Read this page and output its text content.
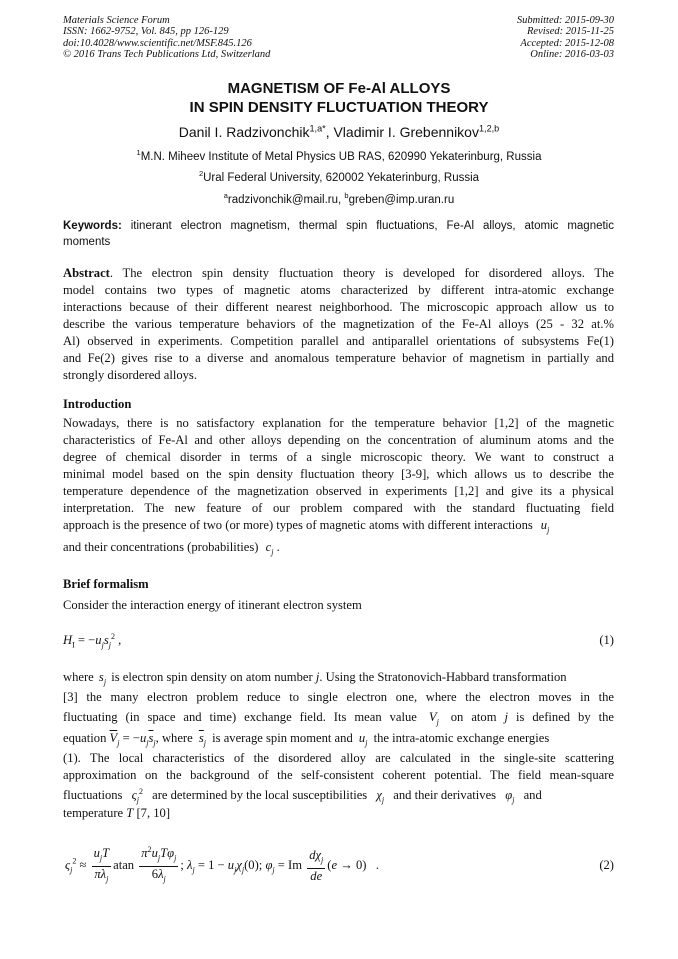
Materials Science Forum
ISSN: 1662-9752, Vol. 845, pp 126-129
doi:10.4028/www.scientific.net/MSF.845.126
© 2016 Trans Tech Publications Ltd, Switzerland
Submitted: 2015-09-30
Revised: 2015-11-25
Accepted: 2015-12-08
Online: 2016-03-03
MAGNETISM OF Fe-Al ALLOYS
IN SPIN DENSITY FLUCTUATION THEORY
Danil I. Radzivonchik$^{1,a*}$, Vladimir I. Grebennikov$^{1,2,b}$
$^1$M.N. Miheev Institute of Metal Physics UB RAS, 620990 Yekaterinburg, Russia
$^2$Ural Federal University, 620002 Yekaterinburg, Russia
$^a$radzivonchik@mail.ru, $^b$greben@imp.uran.ru
Keywords: itinerant electron magnetism, thermal spin fluctuations, Fe-Al alloys, atomic magnetic
moments
Abstract. The electron spin density fluctuation theory is developed for disordered alloys. The
model contains two types of magnetic atoms characterized by different intra-atomic exchange
interactions because of their different nearest neighborhood. The microscopic approach allow us to
describe the various temperature behaviors of the magnetization of the Fe-Al alloys (25 - 32 at.%
Al) observed in experiments. Competition parallel and antiparallel orientations of subsystems Fe(1)
and Fe(2) gives rise to a diverse and anomalous temperature behavior of magnetism in partially and
strongly disordered alloys.
Introduction
Nowadays, there is no satisfactory explanation for the temperature behavior [1,2] of the magnetic
characteristics of Fe-Al and other alloys depending on the concentration of aluminum atoms and the
degree of chemical disorder in terms of a single microscopic theory. We want to construct a
minimal model based on the spin density fluctuation theory [3-9], which allows us to describe the
temperature dependence of the magnetization observed in experiments [1,2] and give its a physical
interpretation. The new feature of our problem compared with the standard fluctuating field
approach is the presence of two (or more) types of magnetic atoms with different interactions $u_j$
and their concentrations (probabilities) $c_j$ .
Brief formalism
Consider the interaction energy of itinerant electron system
$H_I = -u_js_j^2$ ,	(1)
where $s_j$ is electron spin density on atom number j. Using the Stratonovich-Habbard transformation
[3] the many electron problem reduce to single electron one, where the electron moves in the
fluctuating (in space and time) exchange field. Its mean value $\overline{V}_j$ on atom j is defined by the
equation $\overline{V}_j = -u_j\overline{s}_j$, where $\overline{s}_j$ is average spin moment and $u_j$ the intra-atomic exchange energies
(1). The local characteristics of the disordered alloy are calculated in the single-site scattering
approximation on the background of the self-consistent coherent potential. The field mean-square
fluctuations $\varsigma_j^2$ are determined by the local susceptibilities $\chi_j$ and their derivatives $\varphi_j$ and
temperature T [7, 10]
$\varsigma_j^2 \approx \frac{u_jT}{\pi\lambda_j}$ atan $\frac{\pi^2u_jT\varphi_j}{6\lambda_j}$ ; $\lambda_j = 1 - u_j\chi_j(0)$; $\varphi_j = Im \frac{d\chi_j}{de} (e \to 0)$   .	(2)
